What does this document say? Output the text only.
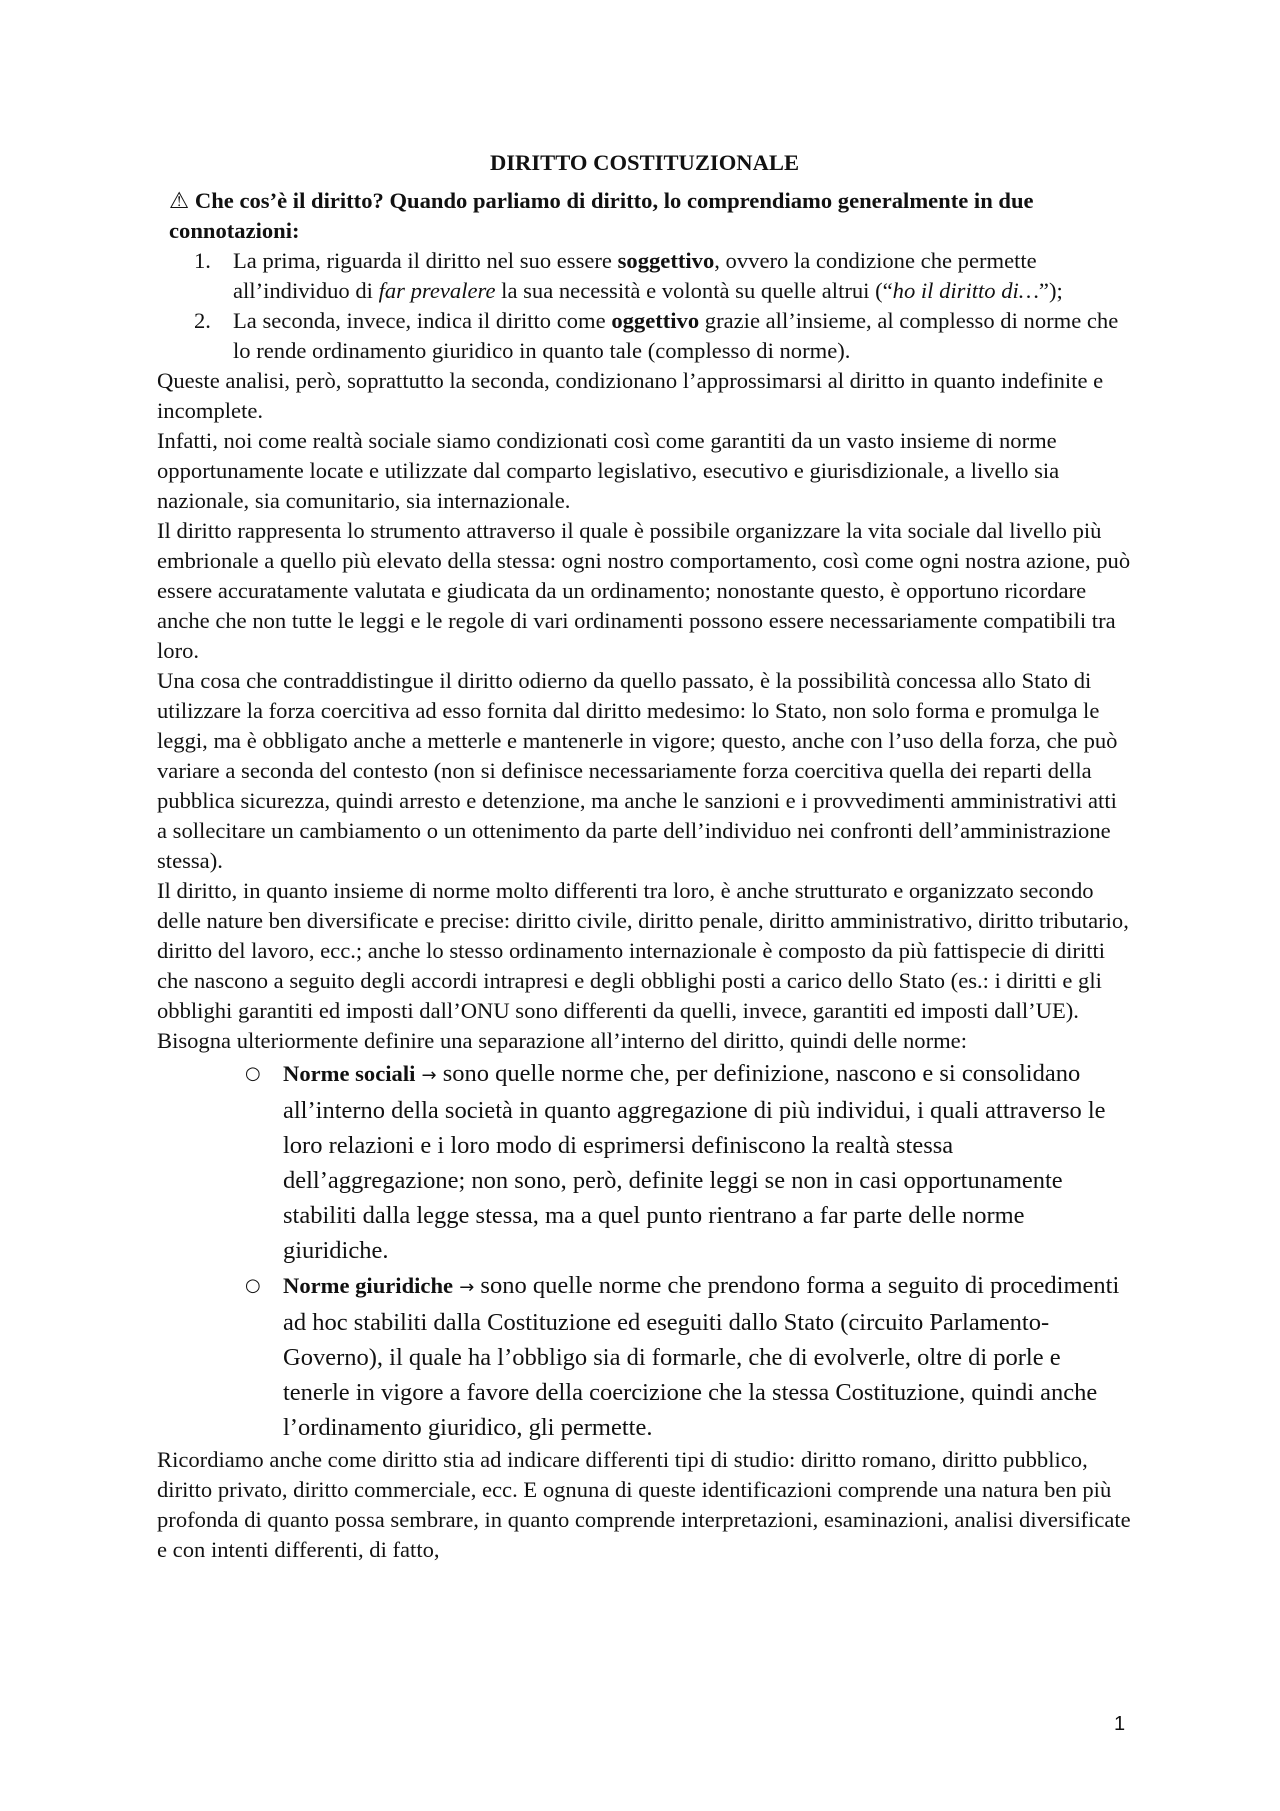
DIRITTO COSTITUZIONALE
⚠ Che cos’è il diritto? Quando parliamo di diritto, lo comprendiamo generalmente in due connotazioni:
1. La prima, riguarda il diritto nel suo essere soggettivo, ovvero la condizione che permette all’individuo di far prevalere la sua necessità e volontà su quelle altrui (“ho il diritto di…”);
2. La seconda, invece, indica il diritto come oggettivo grazie all’insieme, al complesso di norme che lo rende ordinamento giuridico in quanto tale (complesso di norme).

Queste analisi, però, soprattutto la seconda, condizionano l’approssimarsi al diritto in quanto indefinite e incomplete.

Infatti, noi come realtà sociale siamo condizionati così come garantiti da un vasto insieme di norme opportunamente locate e utilizzate dal comparto legislativo, esecutivo e giurisdizionale, a livello sia nazionale, sia comunitario, sia internazionale.

Il diritto rappresenta lo strumento attraverso il quale è possibile organizzare la vita sociale dal livello più embrionale a quello più elevato della stessa: ogni nostro comportamento, così come ogni nostra azione, può essere accuratamente valutata e giudicata da un ordinamento; nonostante questo, è opportuno ricordare anche che non tutte le leggi e le regole di vari ordinamenti possono essere necessariamente compatibili tra loro.

Una cosa che contraddistingue il diritto odierno da quello passato, è la possibilità concessa allo Stato di utilizzare la forza coercitiva ad esso fornita dal diritto medesimo: lo Stato, non solo forma e promulga le leggi, ma è obbligato anche a metterle e mantenerle in vigore; questo, anche con l’uso della forza, che può variare a seconda del contesto (non si definisce necessariamente forza coercitiva quella dei reparti della pubblica sicurezza, quindi arresto e detenzione, ma anche le sanzioni e i provvedimenti amministrativi atti a sollecitare un cambiamento o un ottenimento da parte dell’individuo nei confronti dell’amministrazione stessa).

Il diritto, in quanto insieme di norme molto differenti tra loro, è anche strutturato e organizzato secondo delle nature ben diversificate e precise: diritto civile, diritto penale, diritto amministrativo, diritto tributario, diritto del lavoro, ecc.; anche lo stesso ordinamento internazionale è composto da più fattispecie di diritti che nascono a seguito degli accordi intrapresi e degli obblighi posti a carico dello Stato (es.: i diritti e gli obblighi garantiti ed imposti dall’ONU sono differenti da quelli, invece, garantiti ed imposti dall’UE).

Bisogna ulteriormente definire una separazione all’interno del diritto, quindi delle norme:

○ Norme sociali → sono quelle norme che, per definizione, nascono e si consolidano all’interno della società in quanto aggregazione di più individui, i quali attraverso le loro relazioni e i loro modo di esprimersi definiscono la realtà stessa dell’aggregazione; non sono, però, definite leggi se non in casi opportunamente stabiliti dalla legge stessa, ma a quel punto rientrano a far parte delle norme giuridiche.
○ Norme giuridiche → sono quelle norme che prendono forma a seguito di procedimenti ad hoc stabiliti dalla Costituzione ed eseguiti dallo Stato (circuito Parlamento- Governo), il quale ha l’obbligo sia di formarle, che di evolverle, oltre di porle e tenerle in vigore a favore della coercizione che la stessa Costituzione, quindi anche l’ordinamento giuridico, gli permette.

Ricordiamo anche come diritto stia ad indicare differenti tipi di studio: diritto romano, diritto pubblico, diritto privato, diritto commerciale, ecc. E ognuna di queste identificazioni comprende una natura ben più profonda di quanto possa sembrare, in quanto comprende interpretazioni, esaminazioni, analisi diversificate e con intenti differenti, di fatto,

1
